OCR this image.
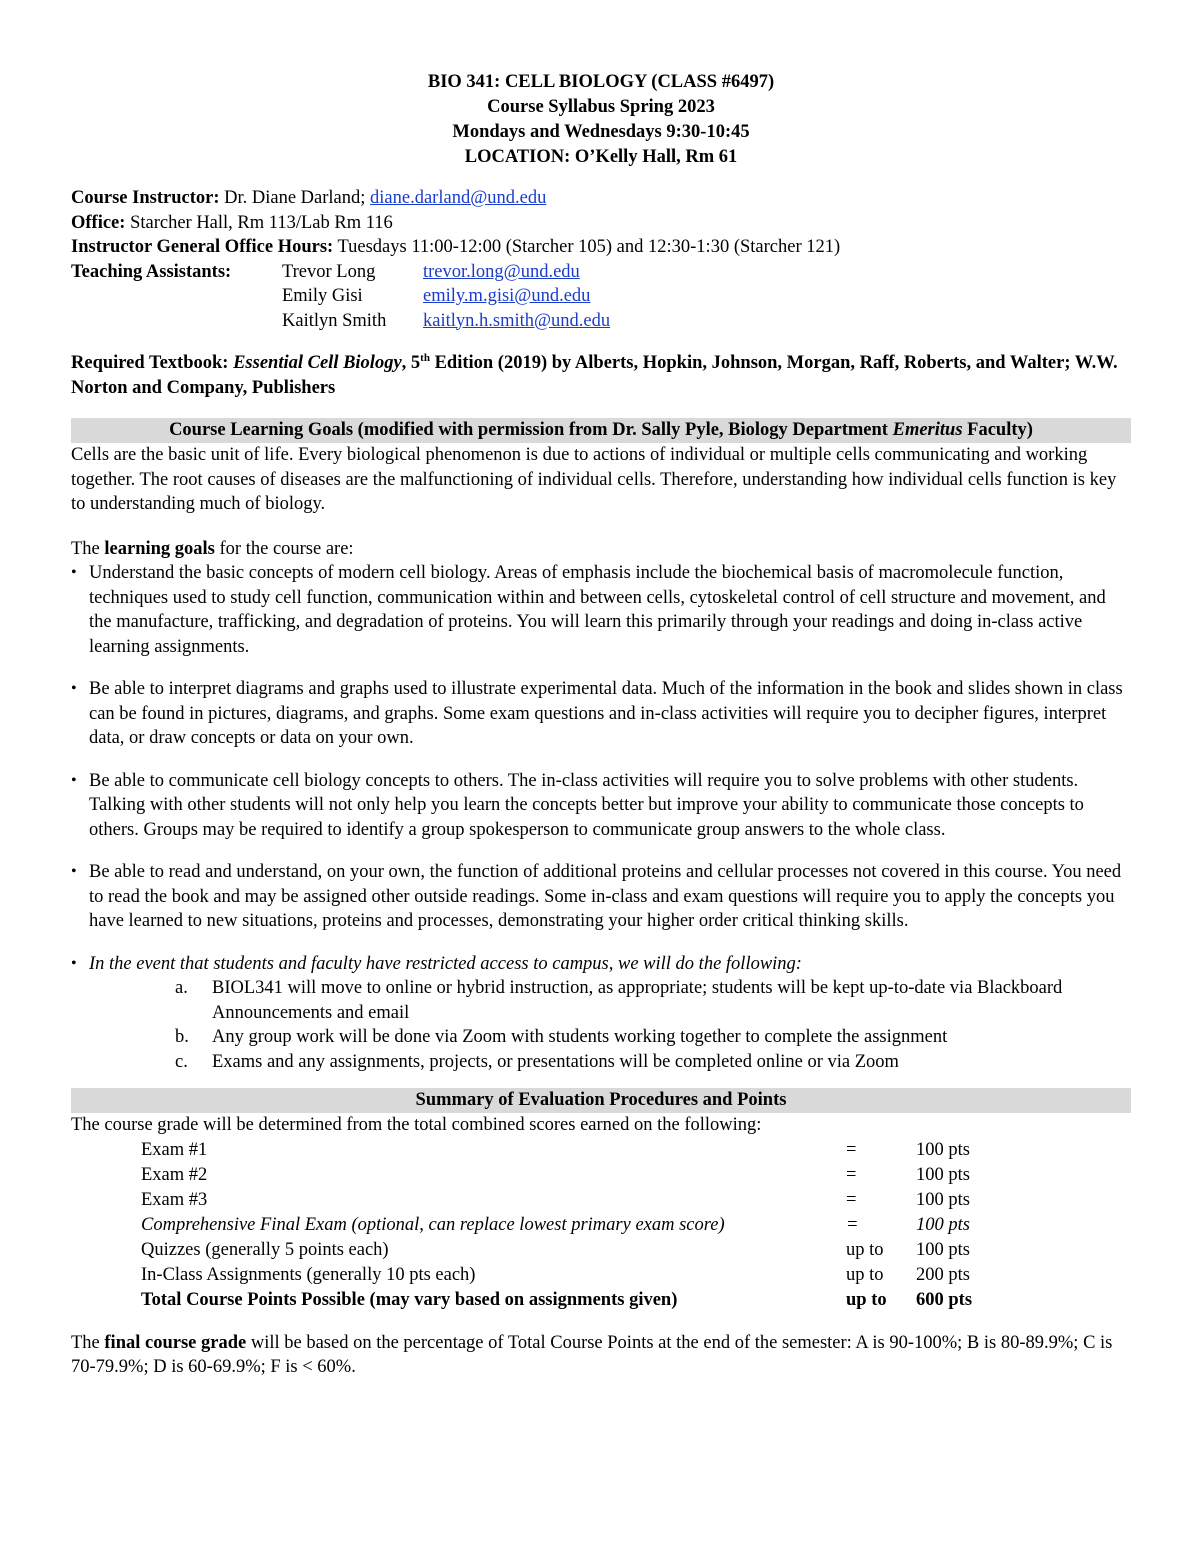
BIO 341: CELL BIOLOGY (CLASS #6497)
Course Syllabus Spring 2023
Mondays and Wednesdays 9:30-10:45
LOCATION: O’Kelly Hall, Rm 61
Course Instructor: Dr. Diane Darland; diane.darland@und.edu
Office: Starcher Hall, Rm 113/Lab Rm 116
Instructor General Office Hours: Tuesdays 11:00-12:00 (Starcher 105) and 12:30-1:30 (Starcher 121)
Teaching Assistants:	Trevor Long	trevor.long@und.edu
Emily Gisi	emily.m.gisi@und.edu
Kaitlyn Smith	kaitlyn.h.smith@und.edu
Required Textbook: Essential Cell Biology, 5th Edition (2019) by Alberts, Hopkin, Johnson, Morgan, Raff, Roberts, and Walter; W.W. Norton and Company, Publishers
Course Learning Goals (modified with permission from Dr. Sally Pyle, Biology Department Emeritus Faculty)

Cells are the basic unit of life. Every biological phenomenon is due to actions of individual or multiple cells communicating and working together. The root causes of diseases are the malfunctioning of individual cells. Therefore, understanding how individual cells function is key to understanding much of biology.

The learning goals for the course are:

• Understand the basic concepts of modern cell biology. Areas of emphasis include the biochemical basis of macromolecule function, techniques used to study cell function, communication within and between cells, cytoskeletal control of cell structure and movement, and the manufacture, trafficking, and degradation of proteins. You will learn this primarily through your readings and doing in-class active learning assignments.
• Be able to interpret diagrams and graphs used to illustrate experimental data. Much of the information in the book and slides shown in class can be found in pictures, diagrams, and graphs. Some exam questions and in-class activities will require you to decipher figures, interpret data, or draw concepts or data on your own.
• Be able to communicate cell biology concepts to others. The in-class activities will require you to solve problems with other students. Talking with other students will not only help you learn the concepts better but improve your ability to communicate those concepts to others. Groups may be required to identify a group spokesperson to communicate group answers to the whole class.
• Be able to read and understand, on your own, the function of additional proteins and cellular processes not covered in this course. You need to read the book and may be assigned other outside readings. Some in-class and exam questions will require you to apply the concepts you have learned to new situations, proteins and processes, demonstrating your higher order critical thinking skills.
• In the event that students and faculty have restricted access to campus, we will do the following:
a. BIOL341 will move to online or hybrid instruction, as appropriate; students will be kept up-to-date via Blackboard Announcements and email
b. Any group work will be done via Zoom with students working together to complete the assignment
c. Exams and any assignments, projects, or presentations will be completed online or via Zoom
Summary of Evaluation Procedures and Points

The course grade will be determined from the total combined scores earned on the following:

Exam #1	=	100 pts
Exam #2	=	100 pts
Exam #3	=	100 pts
Comprehensive Final Exam (optional, can replace lowest primary exam score)	=	100 pts
Quizzes (generally 5 points each)	up to	100 pts
In-Class Assignments (generally 10 pts each)	up to	200 pts
Total Course Points Possible (may vary based on assignments given)	up to	600 pts

The final course grade will be based on the percentage of Total Course Points at the end of the semester: A is 90-100%; B is 80-89.9%; C is 70-79.9%; D is 60-69.9%; F is < 60%.
